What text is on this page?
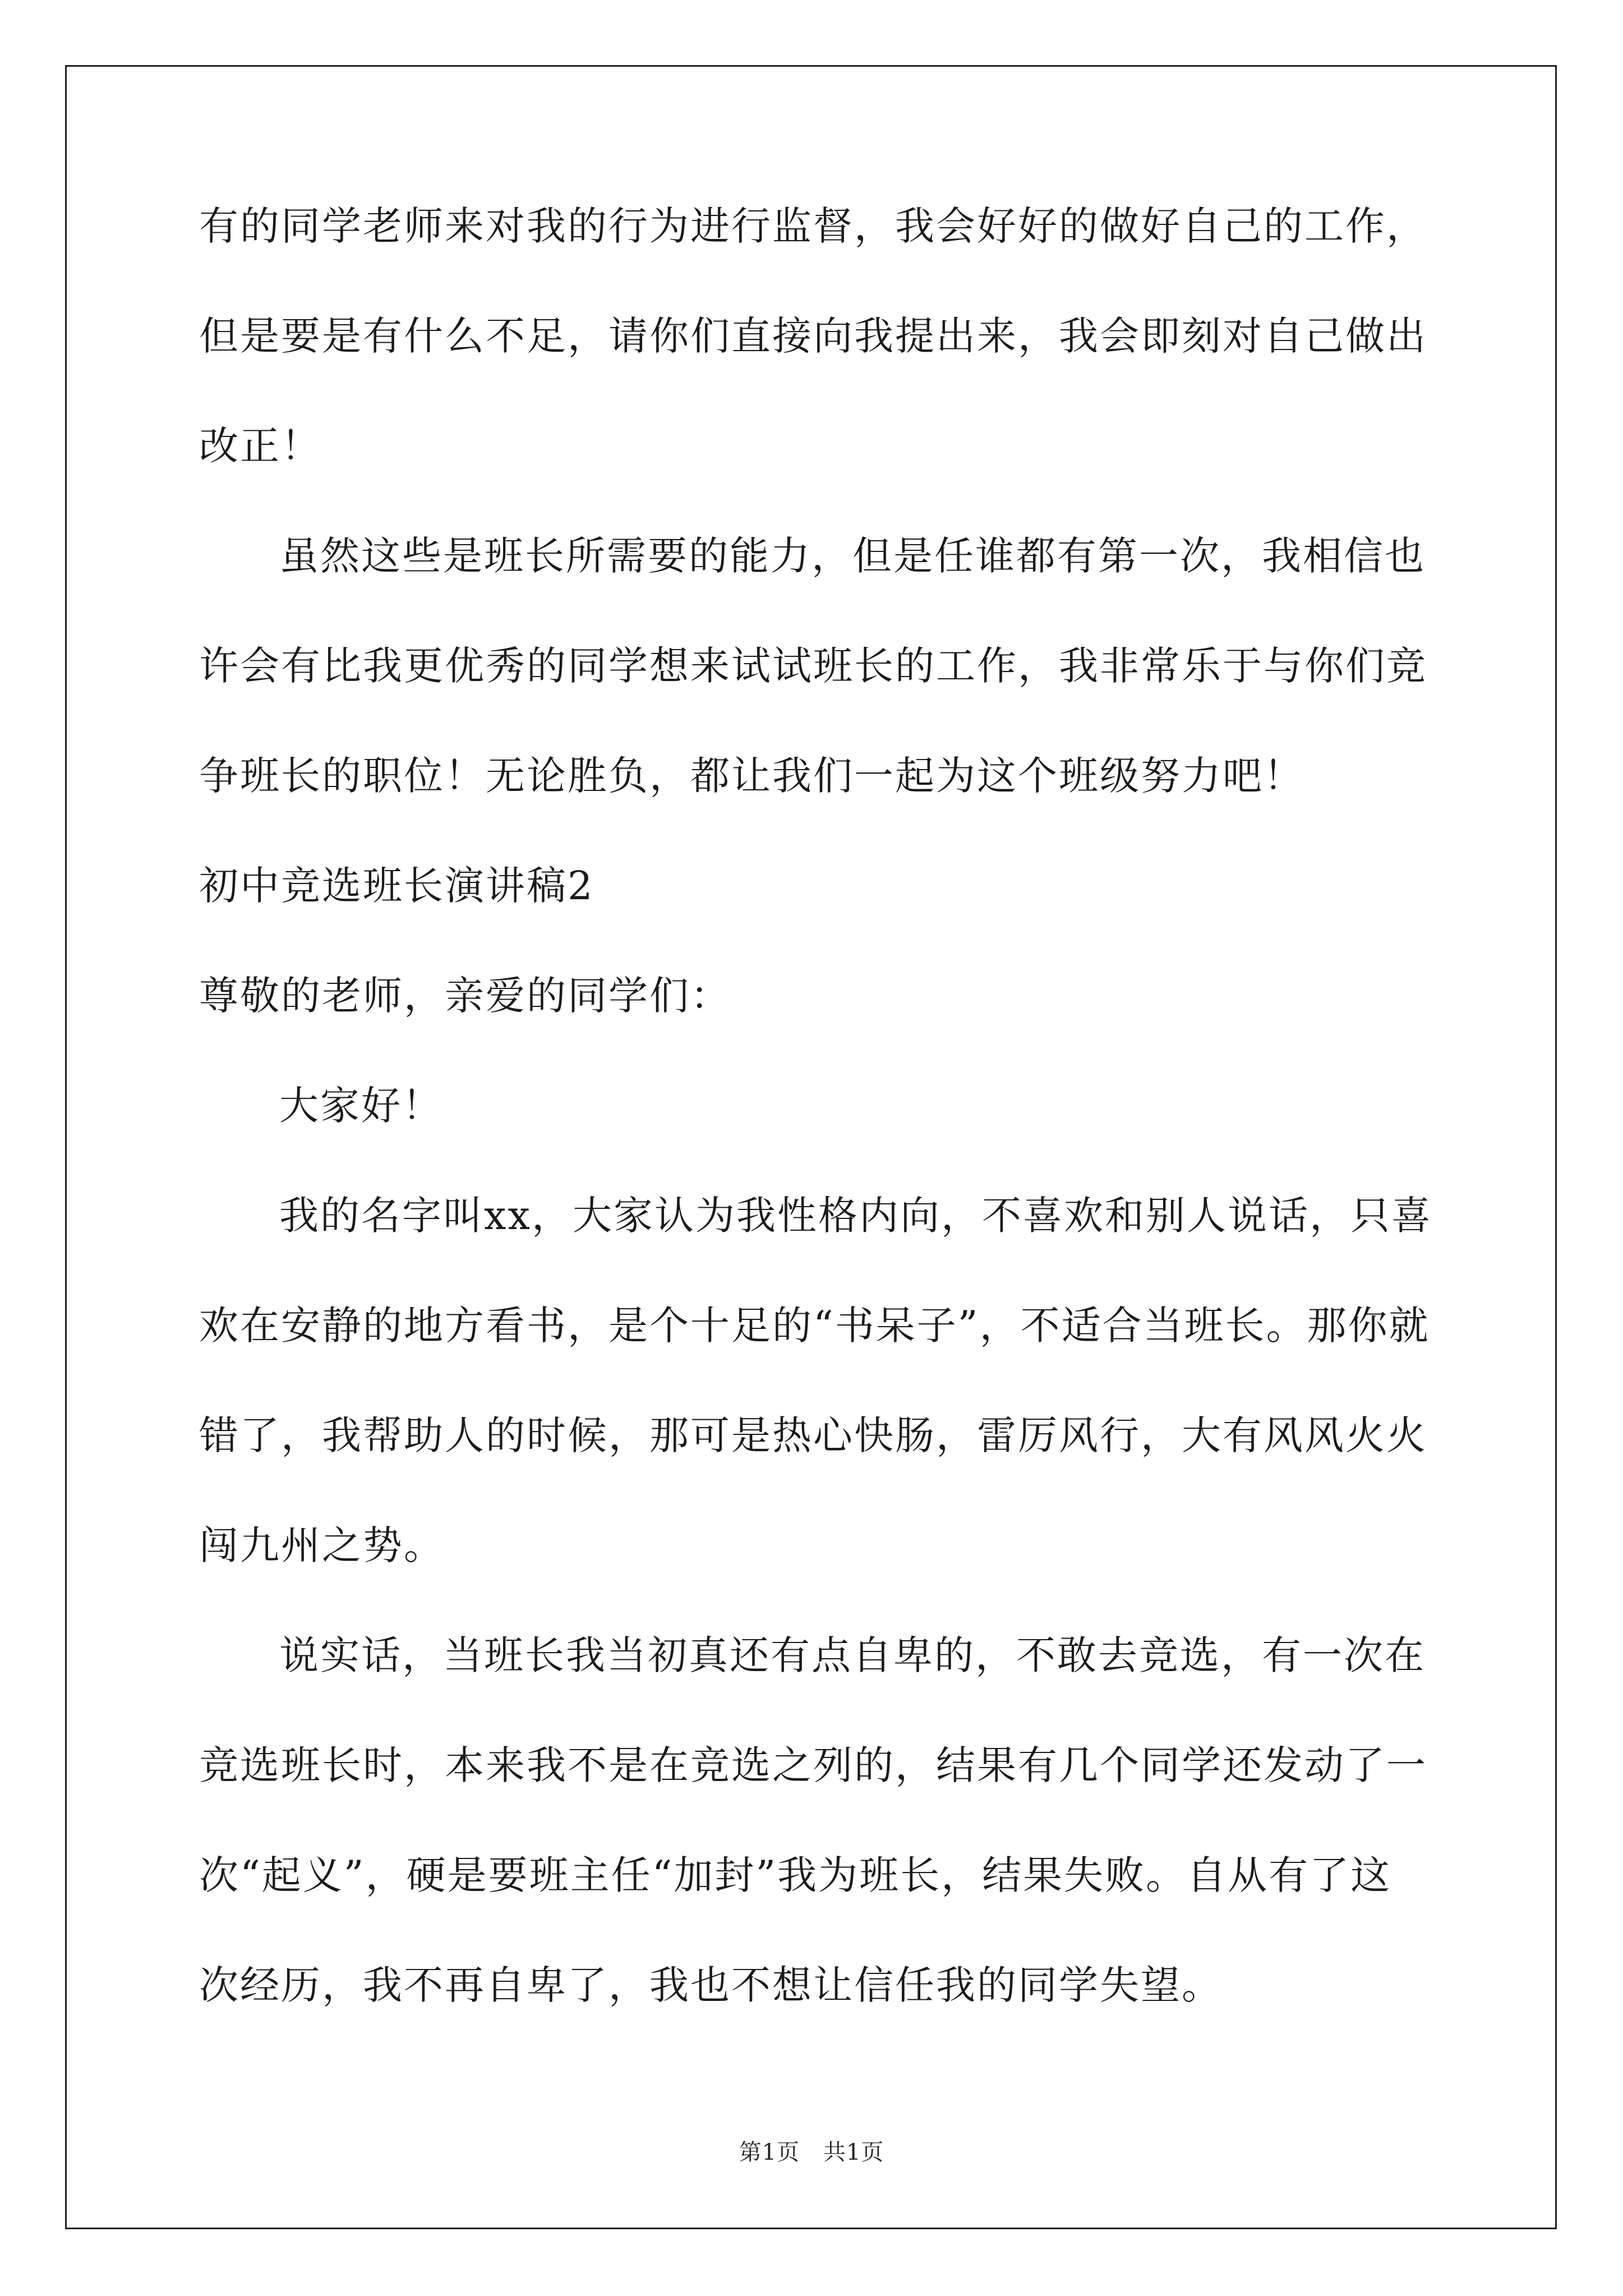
有的同学老师来对我的行为进行监督，我会好好的做好自己的工作，
但是要是有什么不足，请你们直接向我提出来，我会即刻对自己做出
改正！
虽然这些是班长所需要的能力，但是任谁都有第一次，我相信也
许会有比我更优秀的同学想来试试班长的工作，我非常乐于与你们竞
争班长的职位！无论胜负，都让我们一起为这个班级努力吧！
初中竞选班长演讲稿2
尊敬的老师，亲爱的同学们：
大家好！
我的名字叫xx，大家认为我性格内向，不喜欢和别人说话，只喜
欢在安静的地方看书，是个十足的“书呆子”，不适合当班长。那你就
错了，我帮助人的时候，那可是热心快肠，雷厉风行，大有风风火火
闯九州之势。
说实话，当班长我当初真还有点自卑的，不敢去竞选，有一次在
竞选班长时，本来我不是在竞选之列的，结果有几个同学还发动了一
次“起义”，硬是要班主任“加封”我为班长，结果失败。自从有了这
次经历，我不再自卑了，我也不想让信任我的同学失望。
第1页 共1页
